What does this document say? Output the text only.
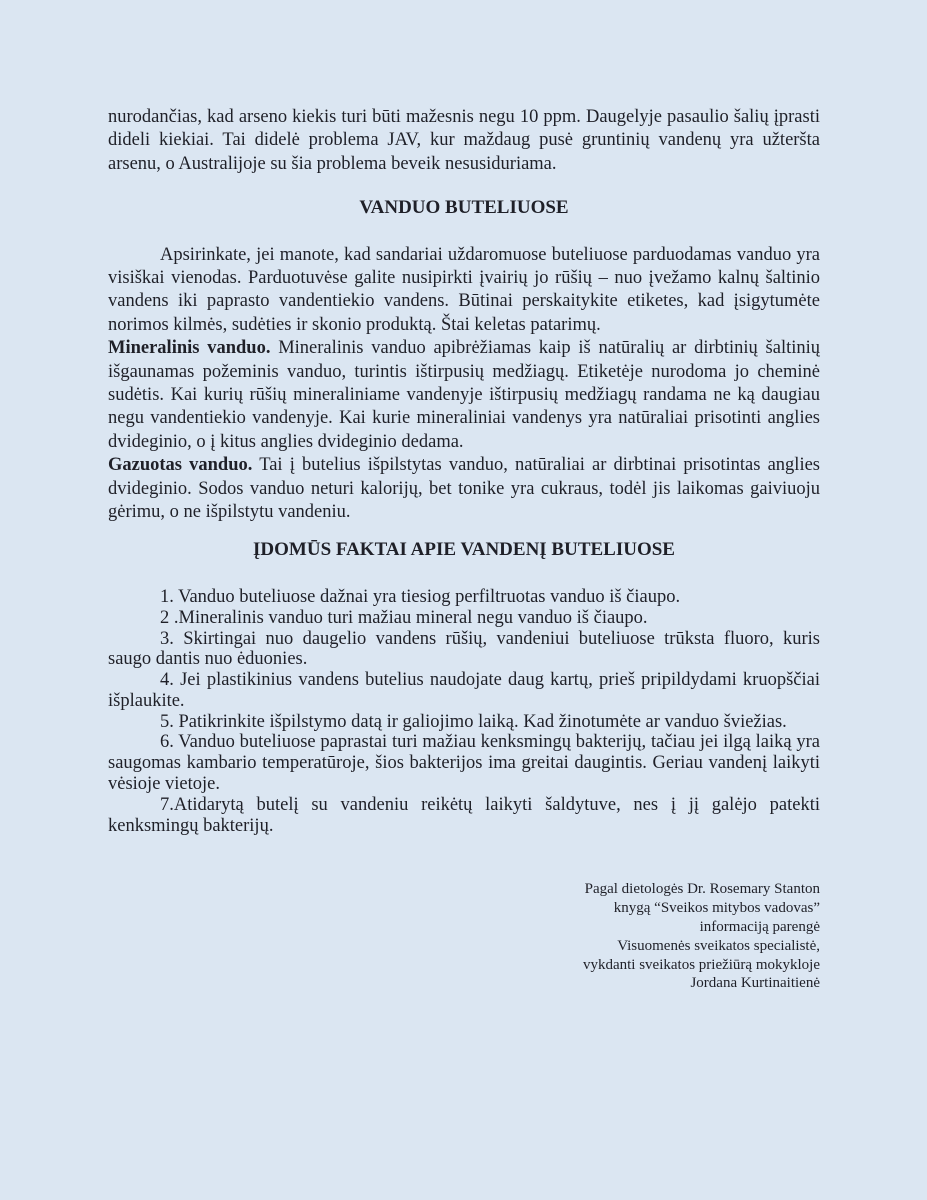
nurodančias, kad arseno kiekis turi būti mažesnis negu 10 ppm. Daugelyje pasaulio šalių įprasti dideli kiekiai. Tai didelė problema JAV, kur maždaug pusė gruntinių vandenų yra užteršta arsenu, o Australijoje su šia problema beveik nesusiduriama.

VANDUO BUTELIUOSE

Apsirinkate, jei manote, kad sandariai uždaromuose buteliuose parduodamas vanduo yra visiškai vienodas. Parduotuvėse galite nusipirkti įvairių jo rūšių – nuo įvežamo kalnų šaltinio vandens iki paprasto vandentiekio vandens. Būtinai perskaitykite etiketes, kad įsigytumėte norimos kilmės, sudėties ir skonio produktą. Štai keletas patarimų.

Mineralinis vanduo. Mineralinis vanduo apibrėžiamas kaip iš natūralių ar dirbtinių šaltinių išgaunamas požeminis vanduo, turintis ištirpusių medžiagų. Etiketėje nurodoma jo cheminė sudėtis. Kai kurių rūšių mineraliniame vandenyje ištirpusių medžiagų randama ne ką daugiau negu vandentiekio vandenyje. Kai kurie mineraliniai vandenys yra natūraliai prisotinti anglies dvideginio, o į kitus anglies dvideginio dedama.

Gazuotas vanduo. Tai į butelius išpilstytas vanduo, natūraliai ar dirbtinai prisotintas anglies dvideginio. Sodos vanduo neturi kalorijų, bet tonike yra cukraus, todėl jis laikomas gaiviuoju gėrimu, o ne išpilstytu vandeniu.

ĮDOMŪS FAKTAI APIE VANDENĮ BUTELIUOSE

1. Vanduo buteliuose dažnai yra tiesiog perfiltruotas vanduo iš čiaupo.

2 .Mineralinis vanduo turi mažiau mineral negu vanduo iš čiaupo.

3. Skirtingai nuo daugelio vandens rūšių, vandeniui buteliuose trūksta fluoro, kuris saugo dantis nuo ėduonies.

4. Jei plastikinius vandens butelius naudojate daug kartų, prieš pripildydami kruopščiai išplaukite.

5. Patikrinkite išpilstymo datą ir galiojimo laiką. Kad žinotumėte ar vanduo šviežias.

6. Vanduo buteliuose paprastai turi mažiau kenksmingų bakterijų, tačiau jei ilgą laiką yra saugomas kambario temperatūroje, šios bakterijos ima greitai daugintis. Geriau vandenį laikyti vėsioje vietoje.

7.Atidarytą butelį su vandeniu reikėtų laikyti šaldytuve, nes į jį galėjo patekti kenksmingų bakterijų.

Pagal dietologės Dr. Rosemary Stanton
knygą “Sveikos mitybos vadovas”
informaciją parengė
Visuomenės sveikatos specialistė,
vykdanti sveikatos priežiūrą mokykloje
Jordana Kurtinaitienė
